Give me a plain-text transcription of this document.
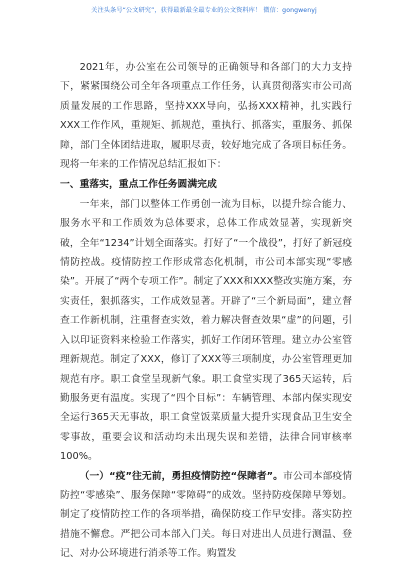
关注头条号“公文研究”，获得最新最全最专业的公文资料库！ 微信：gongwenyj

2021年，办公室在公司领导的正确领导和各部门的大力支持下，紧紧围绕公司全年各项重点工作任务，认真贯彻落实市公司高质量发展的工作思路，坚持XXX导向，弘扬XXX精神，扎实践行XXX工作作风，重规矩、抓规范，重执行、抓落实，重服务、抓保障，部门全体团结进取，履职尽责，较好地完成了各项目标任务。现将一年来的工作情况总结汇报如下：

一、重落实，重点工作任务圆满完成

一年来，部门以整体工作勇创一流为目标，以提升综合能力、服务水平和工作质效为总体要求，总体工作成效显著，实现新突破，全年“1234”计划全面落实。打好了“一个战役”，打好了新冠疫情防控战。疫情防控工作形成常态化机制，市公司本部实现“零感染”。开展了“两个专项工作”。制定了XXX和XXX整改实施方案，夯实责任，狠抓落实，工作成效显著。开辟了“三个新局面”，建立督查工作新机制，注重督查实效，着力解决督查效果“虚”的问题，引入以印证资料来检验工作落实，抓好工作闭环管理。建立办公室管理新规范。制定了XXX，修订了XXX等三项制度，办公室管理更加规范有序。职工食堂呈现新气象。职工食堂实现了365天运转，后勤服务更有温度。实现了“四个目标”：车辆管理、本部内保实现安全运行365天无事故，职工食堂饭菜质量大提升实现食品卫生安全零事故，重要会议和活动均未出现失误和差错，法律合同审核率100%。

（一）“疫”往无前，勇担疫情防控“保障者”。市公司本部疫情防控“零感染”、服务保障“零障碍”的成效。坚持防疫保障早筹划。制定了疫情防控工作的各项举措，确保防疫工作早安排。落实防控措施不懈怠。严把公司本部入门关。每日对进出人员进行测温、登记、对办公环境进行消杀等工作。购置发
